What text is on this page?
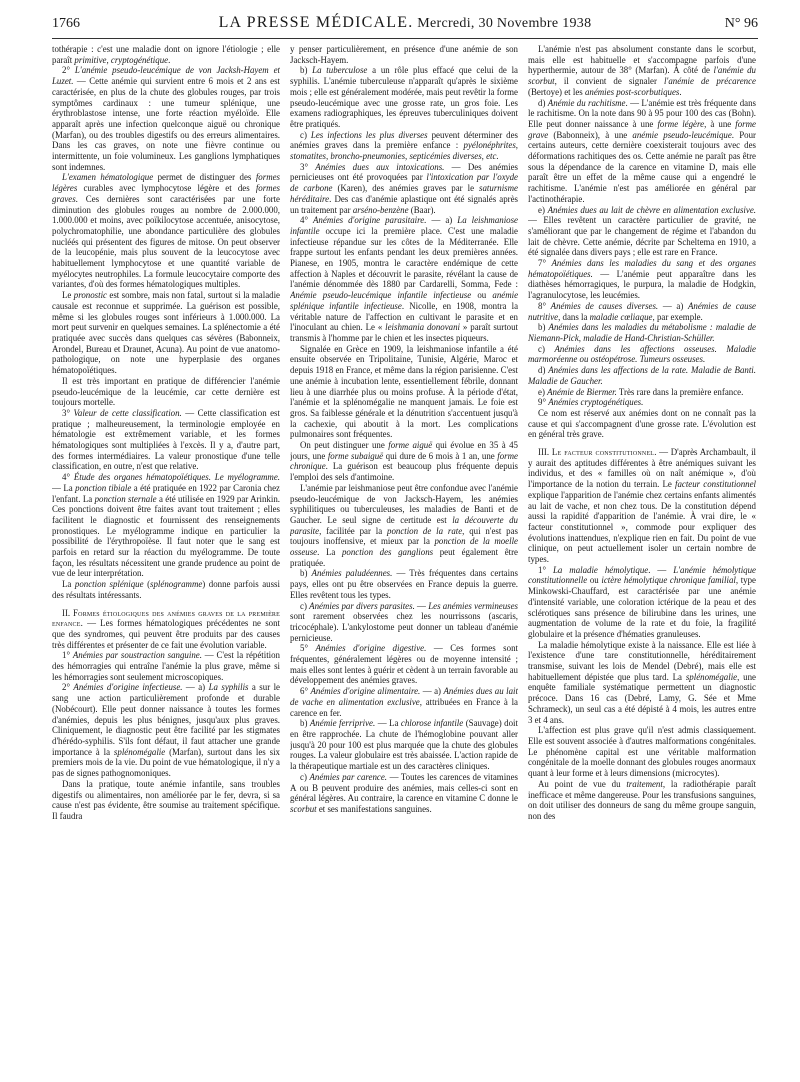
1766	LA PRESSE MÉDICALE. Mercredi, 30 Novembre 1938	N° 96

tothérapie : c'est une maladie dont on ignore l'étiologie ; elle paraît primitive, cryptogénétique.

2° L'anémie pseudo-leucémique de von Jacksh-Hayem et Luzet. — Cette anémie qui survient entre 6 mois et 2 ans est caractérisée, en plus de la chute des globules rouges, par trois symptômes cardinaux : une tumeur splénique, une érythroblastose intense, une forte réaction myéloïde. Elle apparaît après une infection quelconque aiguë ou chronique (Marfan), ou des troubles digestifs ou des erreurs alimentaires. Dans les cas graves, on note une fièvre continue ou intermittente, un foie volumineux. Les ganglions lymphatiques sont indemnes.

L'examen hématologique permet de distinguer des formes légères curables avec lymphocytose légère et des formes graves. Ces dernières sont caractérisées par une forte diminution des globules rouges au nombre de 2.000.000, 1.000.000 et moins, avec poïkilocytose accentuée, anisocytose, polychromatophilie, une abondance particulière des globules nucléés qui présentent des figures de mitose. On peut observer de la leucopénie, mais plus souvent de la leucocytose avec habituellement lymphocytose et une quantité variable de myélocytes neutrophiles. La formule leucocytaire comporte des variantes, d'où des formes hématologiques multiples.

Le pronostic est sombre, mais non fatal, surtout si la maladie causale est reconnue et supprimée. La guérison est possible, même si les globules rouges sont inférieurs à 1.000.000. La mort peut survenir en quelques semaines. La splénectomie a été pratiquée avec succès dans quelques cas sévères (Babonneix, Arondel, Bureau et Draunet, Acuna). Au point de vue anatomo-pathologique, on note une hyperplasie des organes hématopoïétiques.

Il est très important en pratique de différencier l'anémie pseudo-leucémique de la leucémie, car cette dernière est toujours mortelle.

3° Valeur de cette classification. — Cette classification est pratique ; malheureusement, la terminologie employée en hématologie est extrêmement variable, et les formes hématologiques sont multipliées à l'excès. Il y a, d'autre part, des formes intermédiaires. La valeur pronostique d'une telle classification, en outre, n'est que relative.

4° Étude des organes hématopoïétiques. Le myélogramme. — La ponction tibiale a été pratiquée en 1922 par Caronia chez l'enfant. La ponction sternale a été utilisée en 1929 par Arinkin. Ces ponctions doivent être faites avant tout traitement ; elles facilitent le diagnostic et fournissent des renseignements pronostiques. Le myélogramme indique en particulier la possibilité de l'érythropoïèse. Il faut noter que le sang est parfois en retard sur la réaction du myélogramme. De toute façon, les résultats nécessitent une grande prudence au point de vue de leur interprétation.

La ponction splénique (splénogramme) donne parfois aussi des résultats intéressants.

II. Formes étiologiques des anémies graves de la première enfance. — Les formes hématologiques précédentes ne sont que des syndromes, qui peuvent être produits par des causes très différentes et présenter de ce fait une évolution variable.

1° Anémies par soustraction sanguine. — C'est la répétition des hémorragies qui entraîne l'anémie la plus grave, même si les hémorragies sont seulement microscopiques.

2° Anémies d'origine infectieuse. — a) La syphilis a sur le sang une action particulièrement profonde et durable (Nobécourt). Elle peut donner naissance à toutes les formes d'anémies, depuis les plus bénignes, jusqu'aux plus graves. Cliniquement, le diagnostic peut être facilité par les stigmates d'hérédo-syphilis. S'ils font défaut, il faut attacher une grande importance à la splénomégalie (Marfan), surtout dans les six premiers mois de la vie. Du point de vue hématologique, il n'y a pas de signes pathognomoniques.

Dans la pratique, toute anémie infantile, sans troubles digestifs ou alimentaires, non améliorée par le fer, devra, si sa cause n'est pas évidente, être soumise au traitement spécifique. Il faudra

y penser particulièrement, en présence d'une anémie de son Jacksch-Hayem.

b) La tuberculose a un rôle plus effacé que celui de la syphilis. L'anémie tuberculeuse n'apparaît qu'après le sixième mois ; elle est généralement modérée, mais peut revêtir la forme pseudo-leucémique avec une grosse rate, un gros foie. Les examens radiographiques, les épreuves tuberculiniques doivent être pratiqués.

c) Les infections les plus diverses peuvent déterminer des anémies graves dans la première enfance : pyélonéphrites, stomatites, broncho-pneumonies, septicémies diverses, etc.

3° Anémies dues aux intoxications. — Des anémies pernicieuses ont été provoquées par l'intoxication par l'oxyde de carbone (Karen), des anémies graves par le saturnisme héréditaire. Des cas d'anémie aplastique ont été signalés après un traitement par arséno-benzène (Baar).

4° Anémies d'origine parasitaire. — a) La leishmaniose infantile occupe ici la première place. C'est une maladie infectieuse répandue sur les côtes de la Méditerranée. Elle frappe surtout les enfants pendant les deux premières années. Pianese, en 1905, montra le caractère endémique de cette affection à Naples et découvrit le parasite, révélant la cause de l'anémie dénommée dès 1880 par Cardarelli, Somma, Fede : Anémie pseudo-leucémique infantile infectieuse ou anémie splénique infantile infectieuse. Nicolle, en 1908, montra la véritable nature de l'affection en cultivant le parasite et en l'inoculant au chien. Le « leishmania donovani » paraît surtout transmis à l'homme par le chien et les insectes piqueurs.

Signalée en Grèce en 1909, la leishmaniose infantile a été ensuite observée en Tripolitaine, Tunisie, Algérie, Maroc et depuis 1918 en France, et même dans la région parisienne. C'est une anémie à incubation lente, essentiellement fébrile, donnant lieu à une diarrhée plus ou moins profuse. À la période d'état, l'anémie et la splénomégalie ne manquent jamais. Le foie est gros. Sa faiblesse générale et la dénutrition s'accentuent jusqu'à la cachexie, qui aboutit à la mort. Les complications pulmonaires sont fréquentes.

On peut distinguer une forme aiguë qui évolue en 35 à 45 jours, une forme subaiguë qui dure de 6 mois à 1 an, une forme chronique. La guérison est beaucoup plus fréquente depuis l'emploi des sels d'antimoine.

L'anémie par leishmaniose peut être confondue avec l'anémie pseudo-leucémique de von Jacksch-Hayem, les anémies syphilitiques ou tuberculeuses, les maladies de Banti et de Gaucher. Le seul signe de certitude est la découverte du parasite, facilitée par la ponction de la rate, qui n'est pas toujours inoffensive, et mieux par la ponction de la moelle osseuse. La ponction des ganglions peut également être pratiquée.

b) Anémies paludéennes. — Très fréquentes dans certains pays, elles ont pu être observées en France depuis la guerre. Elles revêtent tous les types.

c) Anémies par divers parasites. — Les anémies vermineuses sont rarement observées chez les nourrissons (ascaris, tricocéphale). L'ankylostome peut donner un tableau d'anémie pernicieuse.

5° Anémies d'origine digestive. — Ces formes sont fréquentes, généralement légères ou de moyenne intensité ; mais elles sont lentes à guérir et cèdent à un terrain favorable au développement des anémies graves.

6° Anémies d'origine alimentaire. — a) Anémies dues au lait de vache en alimentation exclusive, attribuées en France à la carence en fer.

b) Anémie ferriprive. — La chlorose infantile (Sauvage) doit en être rapprochée. La chute de l'hémoglobine pouvant aller jusqu'à 20 pour 100 est plus marquée que la chute des globules rouges. La valeur globulaire est très abaissée. L'action rapide de la thérapeutique martiale est un des caractères cliniques.

c) Anémies par carence. — Toutes les carences de vitamines A ou B peuvent produire des anémies, mais celles-ci sont en général légères. Au contraire, la carence en vitamine C donne le scorbut et ses manifestations sanguines.

L'anémie n'est pas absolument constante dans le scorbut, mais elle est habituelle et s'accompagne parfois d'une hyperthermie, autour de 38° (Marfan). À côté de l'anémie du scorbut, il convient de signaler l'anémie de précarence (Bertoye) et les anémies post-scorbutiques.

d) Anémie du rachitisme. — L'anémie est très fréquente dans le rachitisme. On la note dans 90 à 95 pour 100 des cas (Bohn). Elle peut donner naissance à une forme légère, à une forme grave (Babonneix), à une anémie pseudo-leucémique. Pour certains auteurs, cette dernière coexisterait toujours avec des déformations rachitiques des os. Cette anémie ne paraît pas être sous la dépendance de la carence en vitamine D, mais elle paraît être un effet de la même cause qui a engendré le rachitisme. L'anémie n'est pas améliorée en général par l'actinothérapie.

e) Anémies dues au lait de chèvre en alimentation exclusive. — Elles revêtent un caractère particulier de gravité, ne s'améliorant que par le changement de régime et l'abandon du lait de chèvre. Cette anémie, décrite par Scheltema en 1910, a été signalée dans divers pays ; elle est rare en France.

7° Anémies dans les maladies du sang et des organes hématopoïétiques. — L'anémie peut apparaître dans les diathèses hémorragiques, le purpura, la maladie de Hodgkin, l'agranulocytose, les leucémies.

8° Anémies de causes diverses. — a) Anémies de cause nutritive, dans la maladie cœliaque, par exemple.

b) Anémies dans les maladies du métabolisme : maladie de Niemann-Pick, maladie de Hand-Christian-Schüller.

c) Anémies dans les affections osseuses. Maladie marmoréenne ou ostéopétrose. Tumeurs osseuses.

d) Anémies dans les affections de la rate. Maladie de Banti. Maladie de Gaucher.

e) Anémie de Biermer. Très rare dans la première enfance.

9° Anémies cryptogénétiques.

Ce nom est réservé aux anémies dont on ne connaît pas la cause et qui s'accompagnent d'une grosse rate. L'évolution est en général très grave.

III. Le facteur constitutionnel. — D'après Archambault, il y aurait des aptitudes différentes à être anémiques suivant les individus, et des « familles où on naît anémique », d'où l'importance de la notion du terrain. Le facteur constitutionnel explique l'apparition de l'anémie chez certains enfants alimentés au lait de vache, et non chez tous. De la constitution dépend aussi la rapidité d'apparition de l'anémie. À vrai dire, le « facteur constitutionnel », commode pour expliquer des évolutions inattendues, n'explique rien en fait. Du point de vue clinique, on peut actuellement isoler un certain nombre de types.

1° La maladie hémolytique. — L'anémie hémolytique constitutionnelle ou ictère hémolytique chronique familial, type Minkowski-Chauffard, est caractérisée par une anémie d'intensité variable, une coloration ictérique de la peau et des sclérotiques sans présence de bilirubine dans les urines, une augmentation de volume de la rate et du foie, la fragilité globulaire et la présence d'hématies granuleuses.

La maladie hémolytique existe à la naissance. Elle est liée à l'existence d'une tare constitutionnelle, héréditairement transmise, suivant les lois de Mendel (Debré), mais elle est habituellement dépistée que plus tard. La splénomégalie, une enquête familiale systématique permettent un diagnostic précoce. Dans 16 cas (Debré, Lamy, G. Sée et Mme Schrameck), un seul cas a été dépisté à 4 mois, les autres entre 3 et 4 ans.

L'affection est plus grave qu'il n'est admis classiquement. Elle est souvent associée à d'autres malformations congénitales. Le phénomène capital est une véritable malformation congénitale de la moelle donnant des globules rouges anormaux quant à leur forme et à leurs dimensions (microcytes).

Au point de vue du traitement, la radiothérapie paraît inefficace et même dangereuse. Pour les transfusions sanguines, on doit utiliser des donneurs de sang du même groupe sanguin, non des
